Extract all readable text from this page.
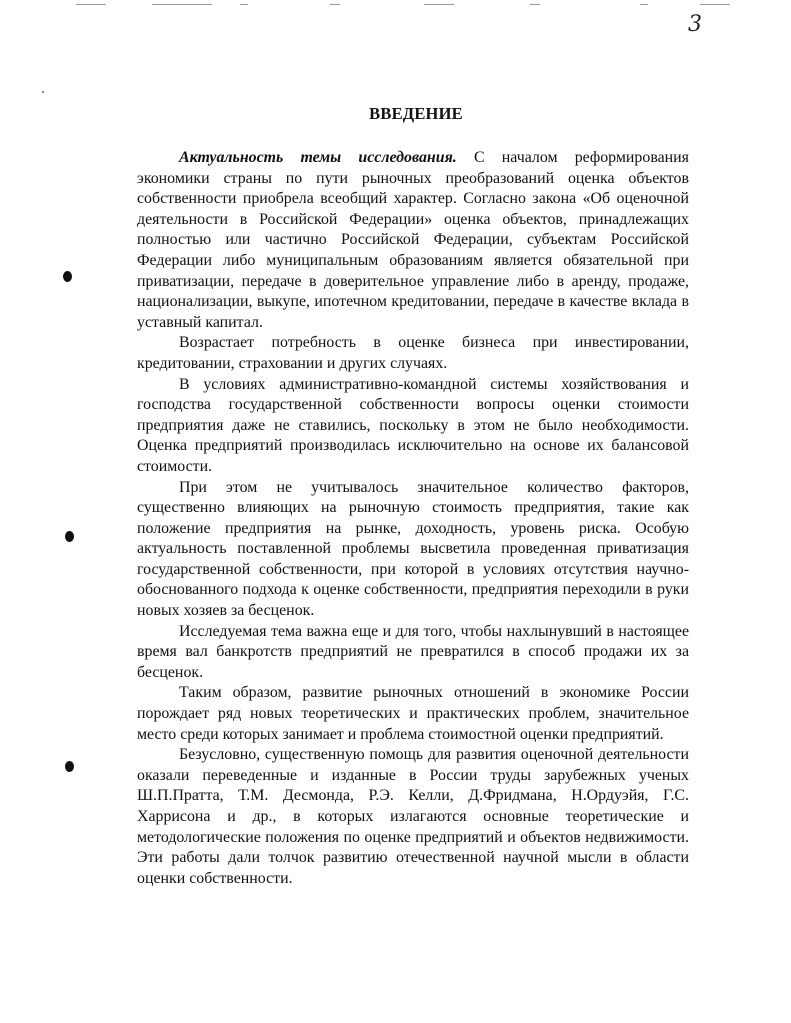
3
ВВЕДЕНИЕ

Актуальность темы исследования. С началом реформирования экономики страны по пути рыночных преобразований оценка объектов собственности приобрела всеобщий характер. Согласно закона «Об оценочной деятельности в Российской Федерации» оценка объектов, принадлежащих полностью или частично Российской Федерации, субъектам Российской Федерации либо муниципальным образованиям является обязательной при приватизации, передаче в доверительное управление либо в аренду, продаже, национализации, выкупе, ипотечном кредитовании, передаче в качестве вклада в уставный капитал.

Возрастает потребность в оценке бизнеса при инвестировании, кредитовании, страховании и других случаях.

В условиях административно-командной системы хозяйствования и господства государственной собственности вопросы оценки стоимости предприятия даже не ставились, поскольку в этом не было необходимости. Оценка предприятий производилась исключительно на основе их балансовой стоимости.

При этом не учитывалось значительное количество факторов, существенно влияющих на рыночную стоимость предприятия, такие как положение предприятия на рынке, доходность, уровень риска. Особую актуальность поставленной проблемы высветила проведенная приватизация государственной собственности, при которой в условиях отсутствия научно-обоснованного подхода к оценке собственности, предприятия переходили в руки новых хозяев за бесценок.

Исследуемая тема важна еще и для того, чтобы нахлынувший в настоящее время вал банкротств предприятий не превратился в способ продажи их за бесценок.

Таким образом, развитие рыночных отношений в экономике России порождает ряд новых теоретических и практических проблем, значительное место среди которых занимает и проблема стоимостной оценки предприятий.

Безусловно, существенную помощь для развития оценочной деятельности оказали переведенные и изданные в России труды зарубежных ученых Ш.П.Пратта, Т.М. Десмонда, Р.Э. Келли, Д.Фридмана, Н.Ордуэйя, Г.С. Харрисона и др., в которых излагаются основные теоретические и методологические положения по оценке предприятий и объектов недвижимости. Эти работы дали толчок развитию отечественной научной мысли в области оценки собственности.
